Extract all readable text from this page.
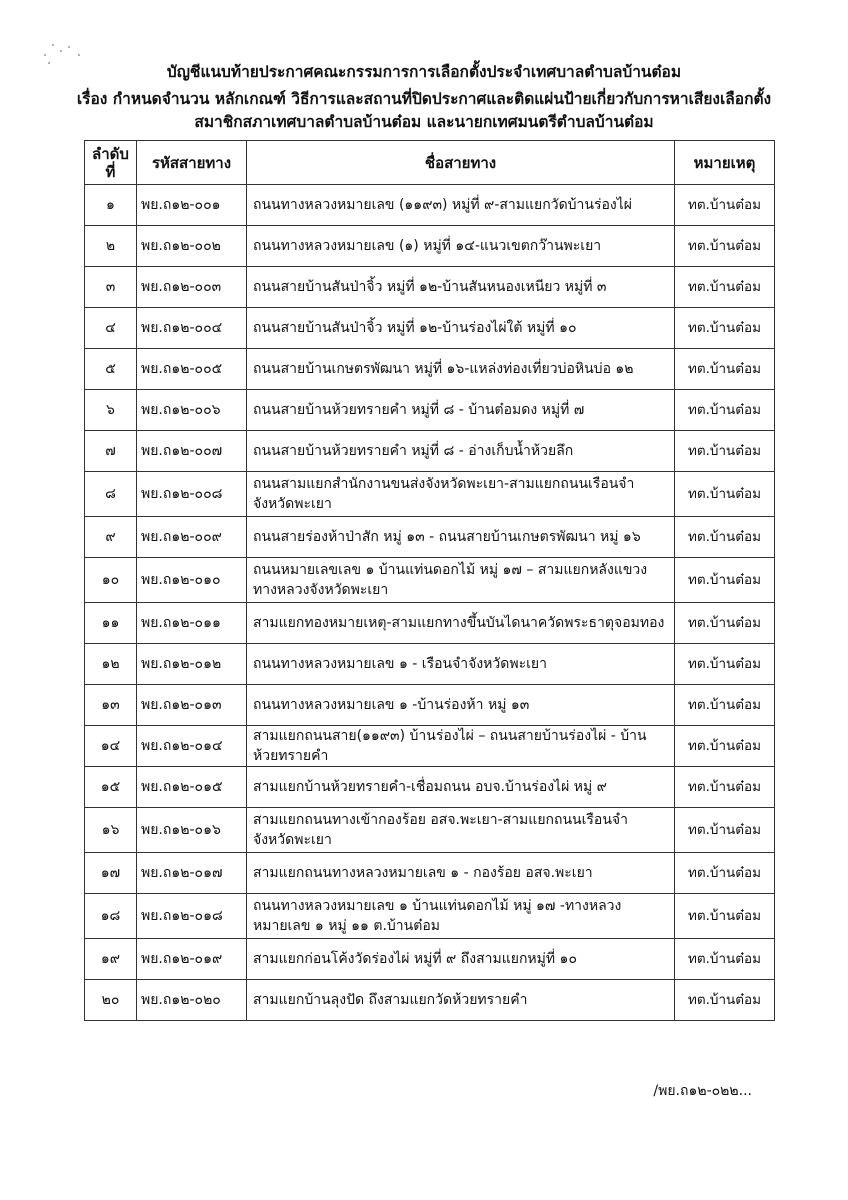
บัญชีแนบท้ายประกาศคณะกรรมการการเลือกตั้งประจำเทศบาลตำบลบ้านต๋อม
เรื่อง กำหนดจำนวน หลักเกณฑ์ วิธีการและสถานที่ปิดประกาศและติดแผ่นป้ายเกี่ยวกับการหาเสียงเลือกตั้ง
สมาชิกสภาเทศบาลตำบลบ้านต๋อม และนายกเทศมนตรีตำบลบ้านต๋อม
ลำดับ
ที่	รหัสสายทาง	ชื่อสายทาง	หมายเหตุ
๑	พย.ถ๑๒-๐๐๑	ถนนทางหลวงหมายเลข (๑๑๙๓) หมู่ที่ ๙-สามแยกวัดบ้านร่องไผ่	ทต.บ้านต๋อม
๒	พย.ถ๑๒-๐๐๒	ถนนทางหลวงหมายเลข (๑) หมู่ที่ ๑๔-แนวเขตกว๊านพะเยา	ทต.บ้านต๋อม
๓	พย.ถ๑๒-๐๐๓	ถนนสายบ้านสันป่าจิ้ว หมู่ที่ ๑๒-บ้านสันหนองเหนียว หมู่ที่ ๓	ทต.บ้านต๋อม
๔	พย.ถ๑๒-๐๐๔	ถนนสายบ้านสันป่าจิ้ว หมู่ที่ ๑๒-บ้านร่องไผ่ใต้ หมู่ที่ ๑๐	ทต.บ้านต๋อม
๕	พย.ถ๑๒-๐๐๕	ถนนสายบ้านเกษตรพัฒนา หมู่ที่ ๑๖-แหล่งท่องเที่ยวบ่อหินบ่อ ๑๒	ทต.บ้านต๋อม
๖	พย.ถ๑๒-๐๐๖	ถนนสายบ้านห้วยทรายคำ หมู่ที่ ๘ - บ้านต๋อมดง หมู่ที่ ๗	ทต.บ้านต๋อม
๗	พย.ถ๑๒-๐๐๗	ถนนสายบ้านห้วยทรายคำ หมู่ที่ ๘ - อ่างเก็บน้ำห้วยลึก	ทต.บ้านต๋อม
๘	พย.ถ๑๒-๐๐๘	ถนนสามแยกสำนักงานขนส่งจังหวัดพะเยา-สามแยกถนนเรือนจำจังหวัดพะเยา	ทต.บ้านต๋อม
๙	พย.ถ๑๒-๐๐๙	ถนนสายร่องห้าป่าสัก หมู่ ๑๓ - ถนนสายบ้านเกษตรพัฒนา หมู่ ๑๖	ทต.บ้านต๋อม
๑๐	พย.ถ๑๒-๐๑๐	ถนนหมายเลขเลข ๑ บ้านแท่นดอกไม้ หมู่ ๑๗ – สามแยกหลังแขวงทางหลวงจังหวัดพะเยา	ทต.บ้านต๋อม
๑๑	พย.ถ๑๒-๐๑๑	สามแยกทองหมายเหตุ-สามแยกทางขึ้นบันไดนาควัดพระธาตุจอมทอง	ทต.บ้านต๋อม
๑๒	พย.ถ๑๒-๐๑๒	ถนนทางหลวงหมายเลข ๑ - เรือนจำจังหวัดพะเยา	ทต.บ้านต๋อม
๑๓	พย.ถ๑๒-๐๑๓	ถนนทางหลวงหมายเลข ๑ -บ้านร่องห้า หมู่ ๑๓	ทต.บ้านต๋อม
๑๔	พย.ถ๑๒-๐๑๔	สามแยกถนนสาย(๑๑๙๓) บ้านร่องไผ่ – ถนนสายบ้านร่องไผ่ - บ้านห้วยทรายคำ	ทต.บ้านต๋อม
๑๕	พย.ถ๑๒-๐๑๕	สามแยกบ้านห้วยทรายคำ-เชื่อมถนน อบจ.บ้านร่องไผ่ หมู่ ๙	ทต.บ้านต๋อม
๑๖	พย.ถ๑๒-๐๑๖	สามแยกถนนทางเข้ากองร้อย อสจ.พะเยา-สามแยกถนนเรือนจำจังหวัดพะเยา	ทต.บ้านต๋อม
๑๗	พย.ถ๑๒-๐๑๗	สามแยกถนนทางหลวงหมายเลข ๑ - กองร้อย อสจ.พะเยา	ทต.บ้านต๋อม
๑๘	พย.ถ๑๒-๐๑๘	ถนนทางหลวงหมายเลข ๑ บ้านแท่นดอกไม้ หมู่ ๑๗ -ทางหลวงหมายเลข ๑ หมู่ ๑๑ ต.บ้านต๋อม	ทต.บ้านต๋อม
๑๙	พย.ถ๑๒-๐๑๙	สามแยกก่อนโค้งวัดร่องไผ่ หมู่ที่ ๙ ถึงสามแยกหมู่ที่ ๑๐	ทต.บ้านต๋อม
๒๐	พย.ถ๑๒-๐๒๐	สามแยกบ้านลุงปัด ถึงสามแยกวัดห้วยทรายคำ	ทต.บ้านต๋อม
/พย.ถ๑๒-๐๒๒...
